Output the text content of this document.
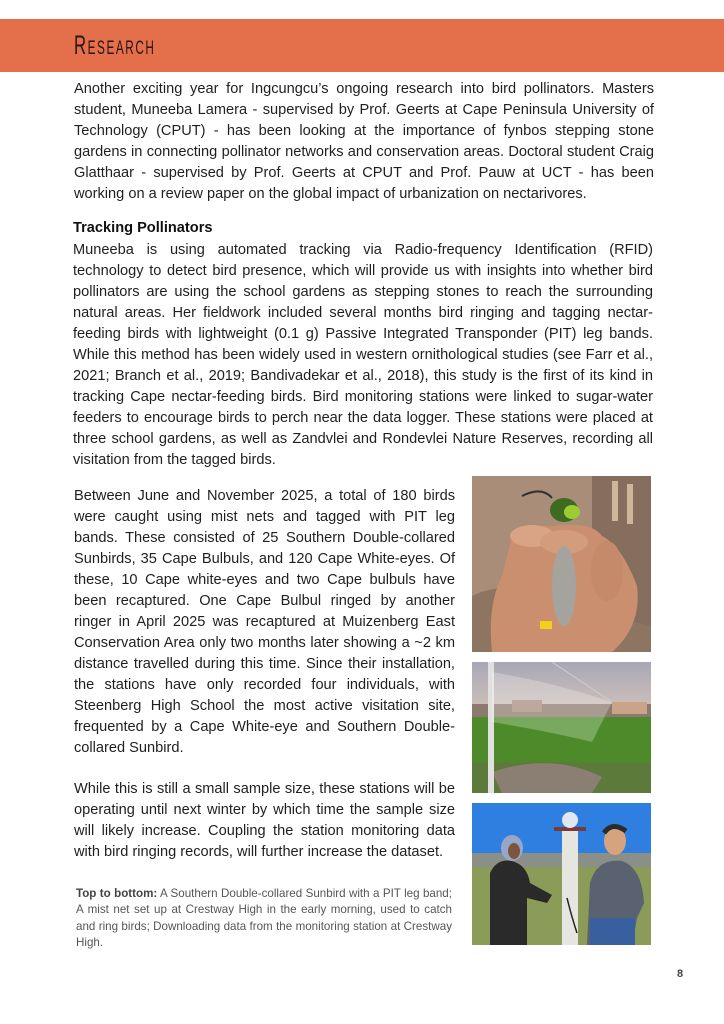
Research

Another exciting year for Ingcungcu’s ongoing research into bird pollinators. Masters student, Muneeba Lamera - supervised by Prof. Geerts at Cape Peninsula University of Technology (CPUT) - has been looking at the importance of fynbos stepping stone gardens in connecting pollinator networks and conservation areas. Doctoral student Craig Glatthaar - supervised by Prof. Geerts at CPUT and Prof. Pauw at UCT - has been working on a review paper on the global impact of urbanization on nectarivores.

Tracking Pollinators

Muneeba is using automated tracking via Radio-frequency Identification (RFID) technology to detect bird presence, which will provide us with insights into whether bird pollinators are using the school gardens as stepping stones to reach the surrounding natural areas. Her fieldwork included several months bird ringing and tagging nectar-feeding birds with lightweight (0.1 g) Passive Integrated Transponder (PIT) leg bands. While this method has been widely used in western ornithological studies (see Farr et al., 2021; Branch et al., 2019; Bandivadekar et al., 2018), this study is the first of its kind in tracking Cape nectar-feeding birds. Bird monitoring stations were linked to sugar-water feeders to encourage birds to perch near the data logger. These stations were placed at three school gardens, as well as Zandvlei and Rondevlei Nature Reserves, recording all visitation from the tagged birds.

Between June and November 2025, a total of 180 birds were caught using mist nets and tagged with PIT leg bands. These consisted of 25 Southern Double-collared Sunbirds, 35 Cape Bulbuls, and 120 Cape White-eyes. Of these, 10 Cape white-eyes and two Cape bulbuls have been recaptured. One Cape Bulbul ringed by another ringer in April 2025 was recaptured at Muizenberg East Conservation Area only two months later showing a ~2 km distance travelled during this time. Since their installation, the stations have only recorded four individuals, with Steenberg High School the most active visitation site, frequented by a Cape White-eye and Southern Double-collared Sunbird.

While this is still a small sample size, these stations will be operating until next winter by which time the sample size will likely increase. Coupling the station monitoring data with bird ringing records, will further increase the dataset.

Top to bottom: A Southern Double-collared Sunbird with a PIT leg band; A mist net set up at Crestway High in the early morning, used to catch and ring birds; Downloading data from the monitoring station at Crestway High.
8
